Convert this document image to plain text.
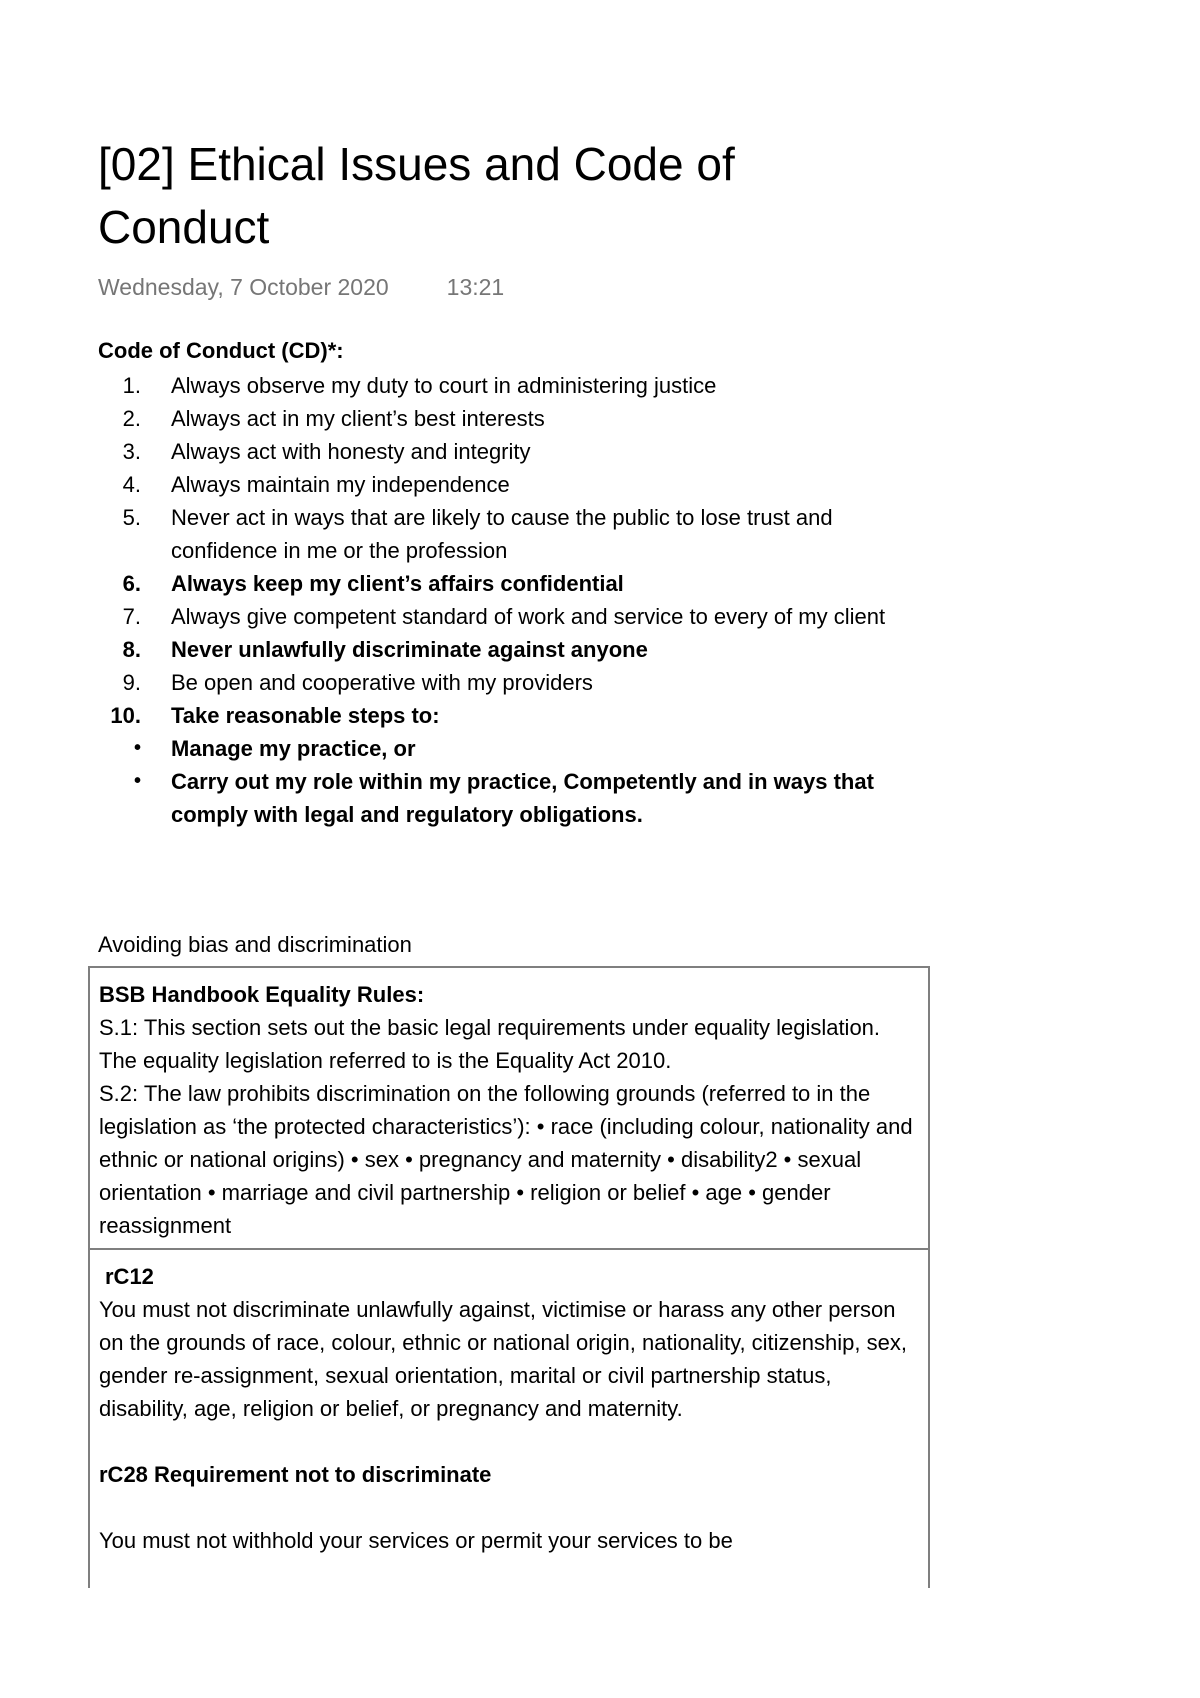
[02] Ethical Issues and Code of Conduct
Wednesday, 7 October 2020	13:21
Code of Conduct (CD)*:
1. Always observe my duty to court in administering justice
2. Always act in my client’s best interests
3. Always act with honesty and integrity
4. Always maintain my independence
5. Never act in ways that are likely to cause the public to lose trust and confidence in me or the profession
6. Always keep my client’s affairs confidential
7. Always give competent standard of work and service to every of my client
8. Never unlawfully discriminate against anyone
9. Be open and cooperative with my providers
10. Take reasonable steps to:
• Manage my practice, or
• Carry out my role within my practice, Competently and in ways that comply with legal and regulatory obligations.
Avoiding bias and discrimination

BSB Handbook Equality Rules:

S.1: This section sets out the basic legal requirements under equality legislation. The equality legislation referred to is the Equality Act 2010.

S.2: The law prohibits discrimination on the following grounds (referred to in the legislation as ‘the protected characteristics’): • race (including colour, nationality and ethnic or national origins) • sex • pregnancy and maternity • disability2 • sexual orientation • marriage and civil partnership • religion or belief • age • gender reassignment

rC12

You must not discriminate unlawfully against, victimise or harass any other person on the grounds of race, colour, ethnic or national origin, nationality, citizenship, sex, gender re-assignment, sexual orientation, marital or civil partnership status, disability, age, religion or belief, or pregnancy and maternity.

rC28 Requirement not to discriminate

You must not withhold your services or permit your services to be
